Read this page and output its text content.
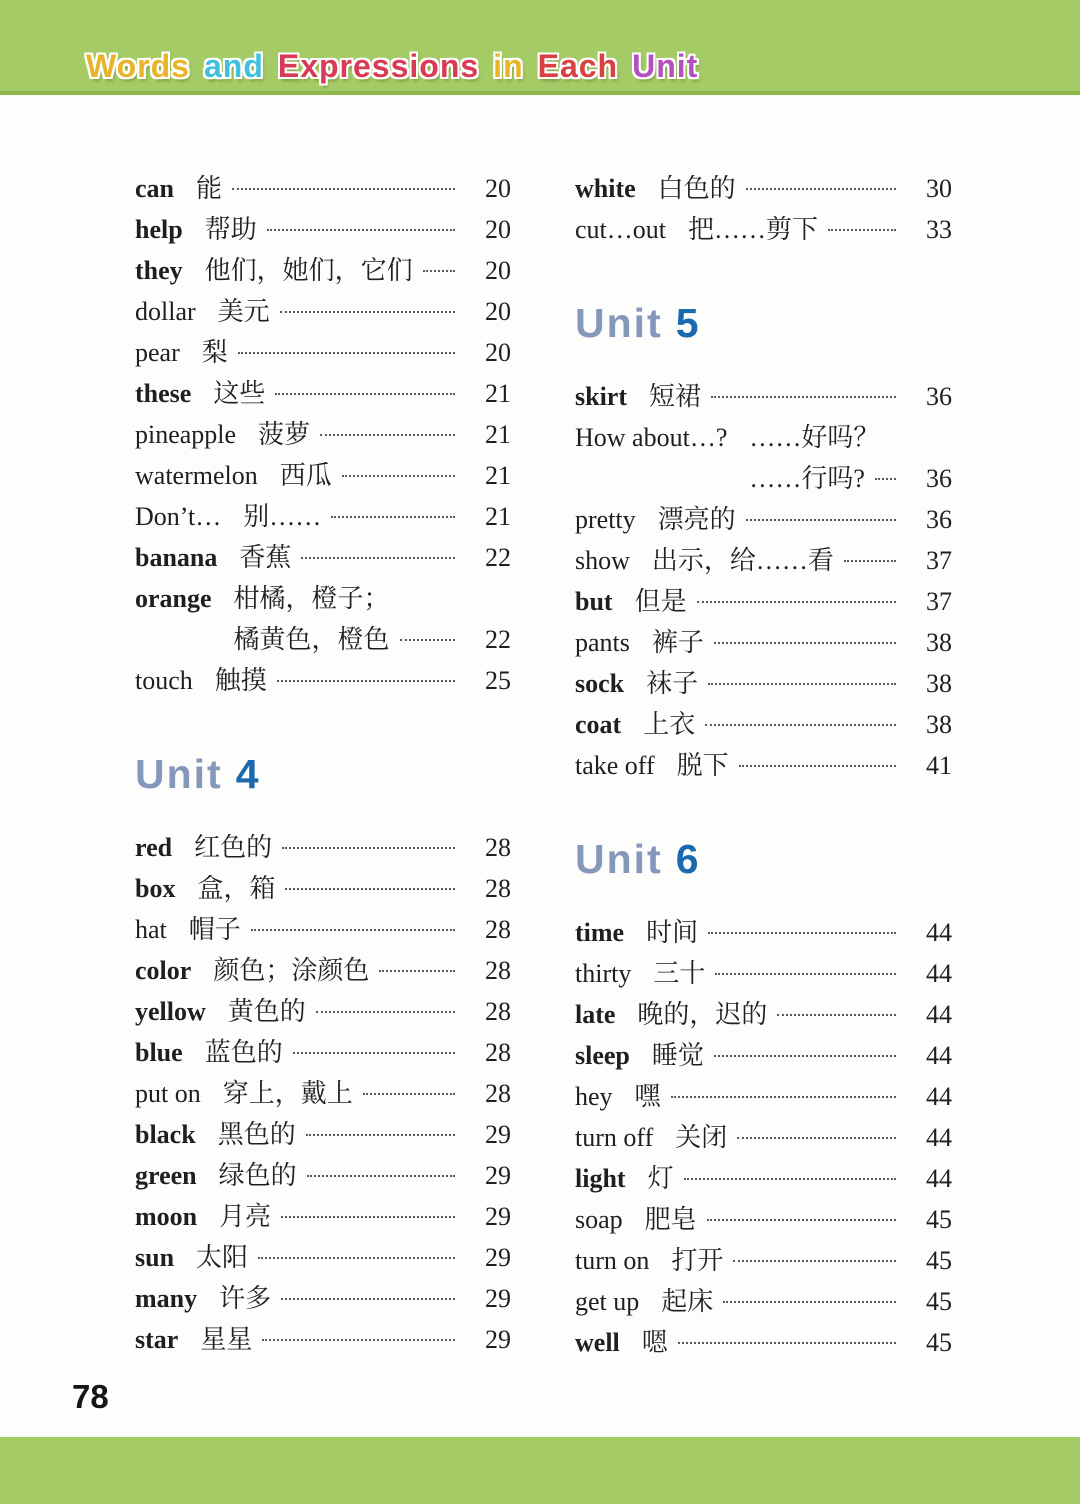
Words and Expressions in Each Unit
can 能	20
help 帮助	20
they 他们，她们，它们	20
dollar 美元	20
pear 梨	20
these 这些	21
pineapple 菠萝	21
watermelon 西瓜	21
Don’t… 别……	21
banana 香蕉	22
orange 柑橘，橙子；
橘黄色，橙色	22
touch 触摸	25
Unit 4
red 红色的	28
box 盒，箱	28
hat 帽子	28
color 颜色；涂颜色	28
yellow 黄色的	28
blue 蓝色的	28
put on 穿上，戴上	28
black 黑色的	29
green 绿色的	29
moon 月亮	29
sun 太阳	29
many 许多	29
star 星星	29
white 白色的	30
cut…out 把……剪下	33
Unit 5
skirt 短裙	36
How about…? ……好吗？
……行吗?	36
pretty 漂亮的	36
show 出示，给……看	37
but 但是	37
pants 裤子	38
sock 袜子	38
coat 上衣	38
take off 脱下	41
Unit 6
time 时间	44
thirty 三十	44
late 晚的，迟的	44
sleep 睡觉	44
hey 嘿	44
turn off 关闭	44
light 灯	44
soap 肥皂	45
turn on 打开	45
get up 起床	45
well 嗯	45
78
